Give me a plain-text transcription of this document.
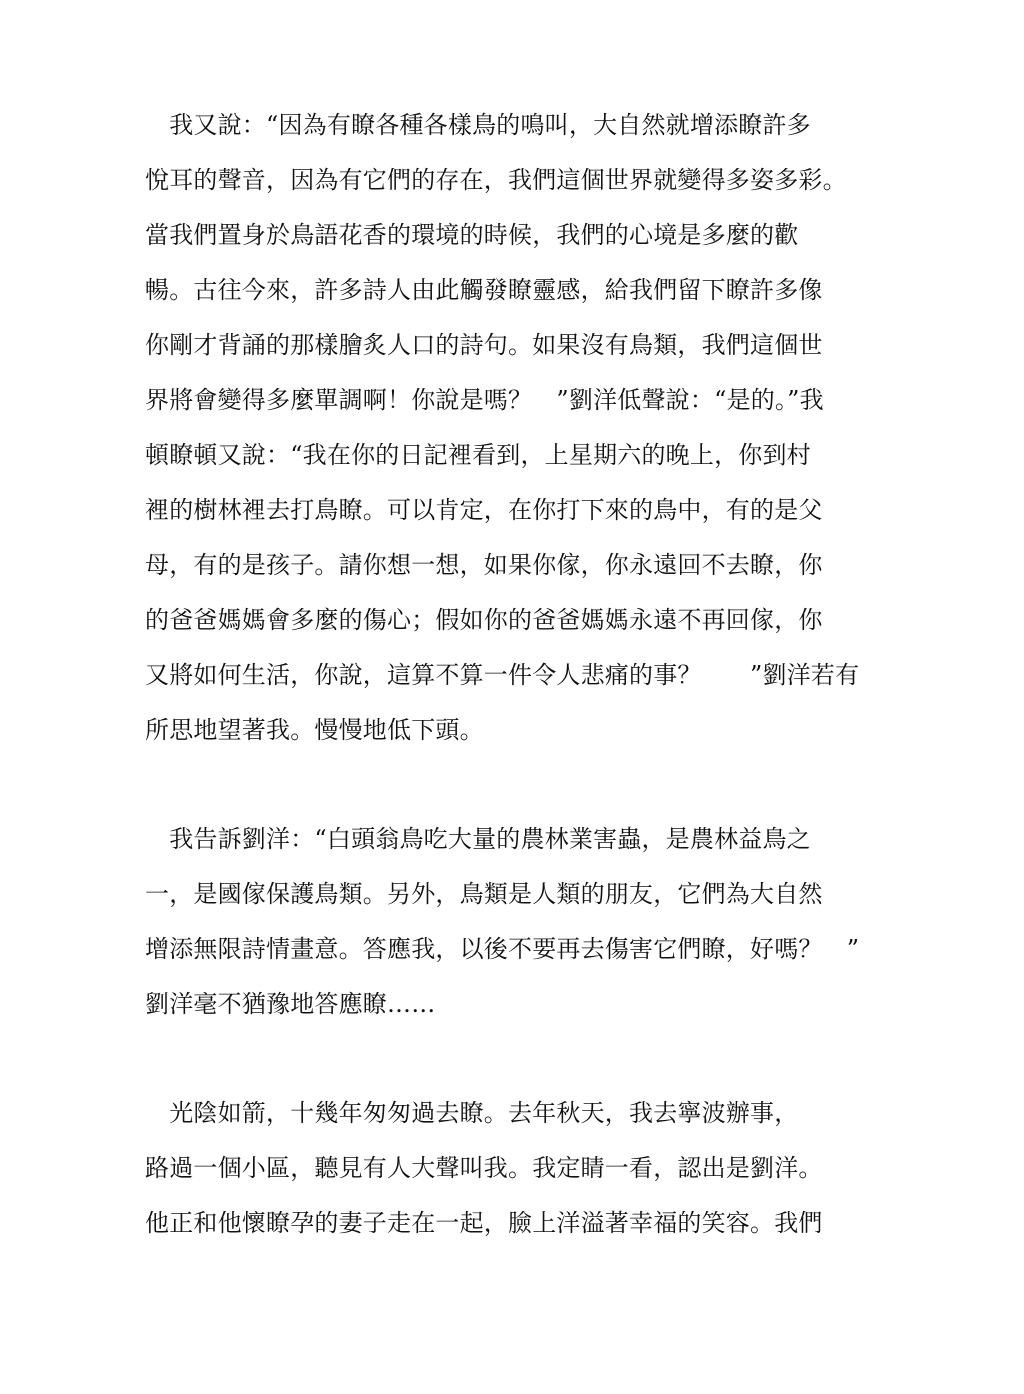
　我又說：“因為有瞭各種各樣鳥的鳴叫，大自然就增添瞭許多
悅耳的聲音，因為有它們的存在，我們這個世界就變得多姿多彩。
當我們置身於鳥語花香的環境的時候，我們的心境是多麼的歡
暢。古往今來，許多詩人由此觸發瞭靈感，給我們留下瞭許多像
你剛才背誦的那樣膾炙人口的詩句。如果沒有鳥類，我們這個世
界將會變得多麼單調啊！你說是嗎？　”劉洋低聲說：“是的。”我
頓瞭頓又說：“我在你的日記裡看到，上星期六的晚上，你到村
裡的樹林裡去打鳥瞭。可以肯定，在你打下來的鳥中，有的是父
母，有的是孩子。請你想一想，如果你傢，你永遠回不去瞭，你
的爸爸媽媽會多麼的傷心；假如你的爸爸媽媽永遠不再回傢，你
又將如何生活，你說，這算不算一件令人悲痛的事？　　”劉洋若有
所思地望著我。慢慢地低下頭。
　我告訴劉洋：“白頭翁鳥吃大量的農林業害蟲，是農林益鳥之
一，是國傢保護鳥類。另外，鳥類是人類的朋友，它們為大自然
增添無限詩情畫意。答應我，以後不要再去傷害它們瞭，好嗎？　”
劉洋毫不猶豫地答應瞭……
　光陰如箭，十幾年匆匆過去瞭。去年秋天，我去寧波辦事，
路過一個小區，聽見有人大聲叫我。我定睛一看，認出是劉洋。
他正和他懷瞭孕的妻子走在一起，臉上洋溢著幸福的笑容。我們
